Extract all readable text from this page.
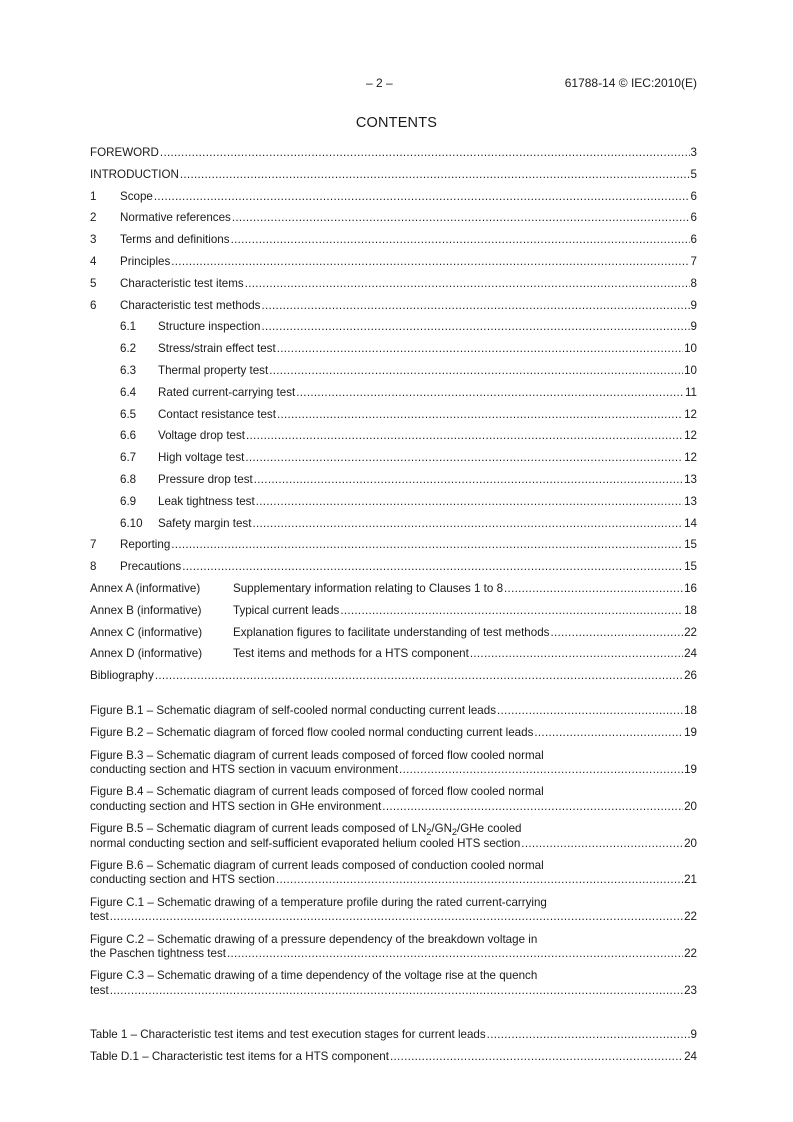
– 2 –	61788-14 © IEC:2010(E)
CONTENTS
FOREWORD .....	3
INTRODUCTION .....	5
1	Scope .....	6
2	Normative references .....	6
3	Terms and definitions .....	6
4	Principles .....	7
5	Characteristic test items .....	8
6	Characteristic test methods .....	9
6.1	Structure inspection .....	9
6.2	Stress/strain effect test .....	10
6.3	Thermal property test .....	10
6.4	Rated current-carrying test .....	11
6.5	Contact resistance test .....	12
6.6	Voltage drop test .....	12
6.7	High voltage test .....	12
6.8	Pressure drop test .....	13
6.9	Leak tightness test .....	13
6.10	Safety margin test .....	14
7	Reporting .....	15
8	Precautions .....	15
Annex A (informative)	Supplementary information relating to Clauses 1 to 8 .....	16
Annex B (informative)	Typical current leads .....	18
Annex C (informative)	Explanation figures to facilitate understanding of test methods .....	22
Annex D (informative)	Test items and methods for a HTS component .....	24
Bibliography .....	26
Figure B.1 – Schematic diagram of self-cooled normal conducting current leads .....	18
Figure B.2 – Schematic diagram of forced flow cooled normal conducting current leads .....	19
Figure B.3 – Schematic diagram of current leads composed of forced flow cooled normal
conducting section and HTS section in vacuum environment .....	19
Figure B.4 – Schematic diagram of current leads composed of forced flow cooled normal
conducting section and HTS section in GHe environment .....	20
Figure B.5 – Schematic diagram of current leads composed of $LN_2/GN_2$/GHe cooled
normal conducting section and self-sufficient evaporated helium cooled HTS section .....	20
Figure B.6 – Schematic diagram of current leads composed of conduction cooled normal
conducting section and HTS section .....	21
Figure C.1 – Schematic drawing of a temperature profile during the rated current-carrying
test .....	22
Figure C.2 – Schematic drawing of a pressure dependency of the breakdown voltage in
the Paschen tightness test .....	22
Figure C.3 – Schematic drawing of a time dependency of the voltage rise at the quench
test .....	23
Table 1 – Characteristic test items and test execution stages for current leads .....	9
Table D.1 – Characteristic test items for a HTS component .....	24
